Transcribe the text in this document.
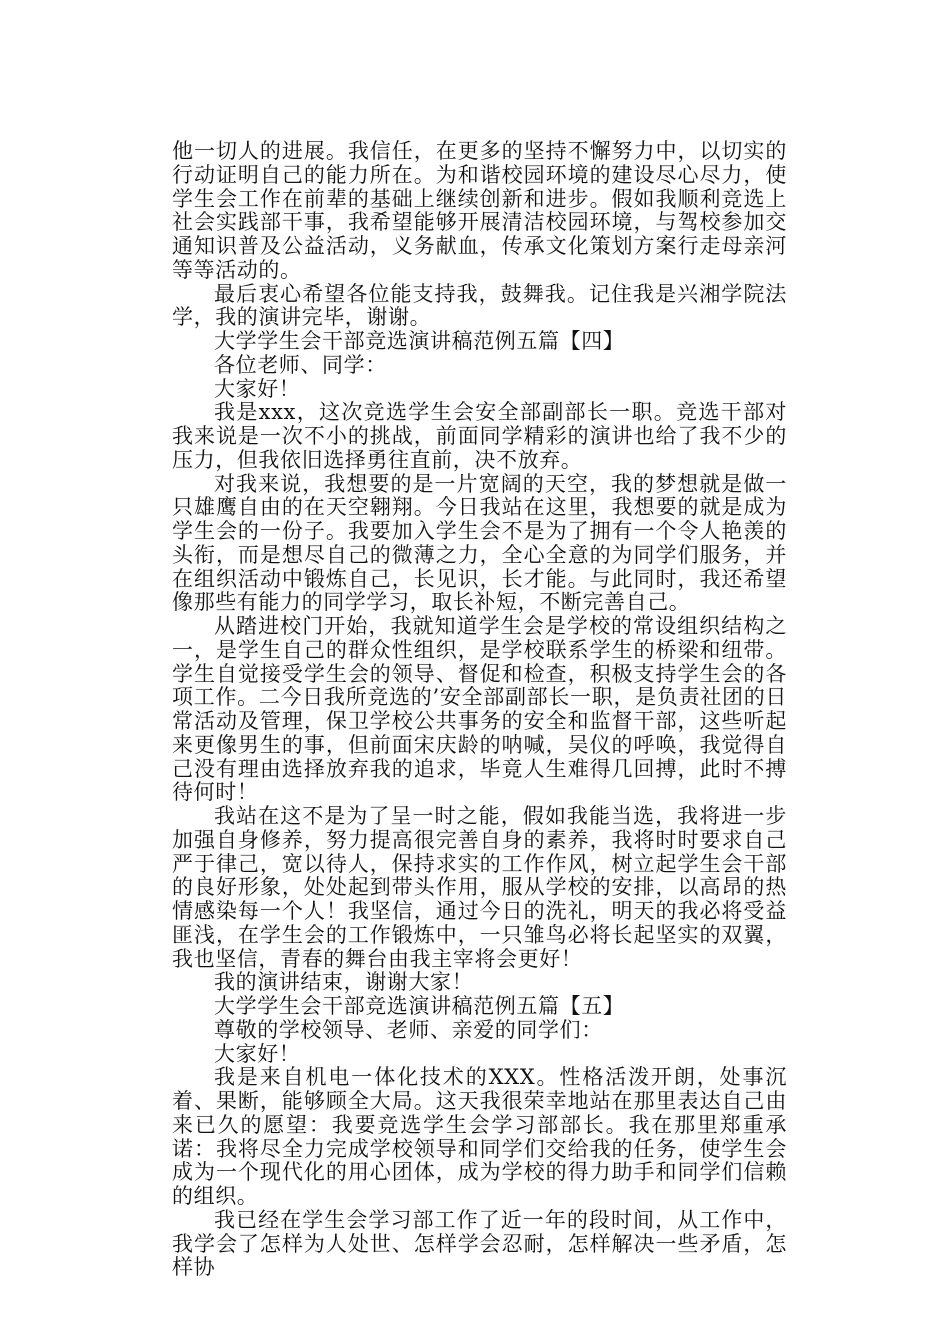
他一切人的进展。我信任，在更多的坚持不懈努力中，以切实的行动证明自己的能力所在。为和谐校园环境的建设尽心尽力，使学生会工作在前辈的基础上继续创新和进步。假如我顺利竞选上社会实践部干事，我希望能够开展清洁校园环境，与驾校参加交通知识普及公益活动，义务献血，传承文化策划方案行走母亲河等等活动的。

最后衷心希望各位能支持我，鼓舞我。记住我是兴湘学院法学，我的演讲完毕，谢谢。

大学学生会干部竞选演讲稿范例五篇【四】

各位老师、同学：

大家好！

我是xxx，这次竞选学生会安全部副部长一职。竞选干部对我来说是一次不小的挑战，前面同学精彩的演讲也给了我不少的压力，但我依旧选择勇往直前，决不放弃。

对我来说，我想要的是一片宽阔的天空，我的梦想就是做一只雄鹰自由的在天空翱翔。今日我站在这里，我想要的就是成为学生会的一份子。我要加入学生会不是为了拥有一个令人艳羡的头衔，而是想尽自己的微薄之力，全心全意的为同学们服务，并在组织活动中锻炼自己，长见识，长才能。与此同时，我还希望像那些有能力的同学学习，取长补短，不断完善自己。

从踏进校门开始，我就知道学生会是学校的常设组织结构之一，是学生自己的群众性组织，是学校联系学生的桥梁和纽带。学生自觉接受学生会的领导、督促和检查，积极支持学生会的各项工作。二今日我所竞选的’安全部副部长一职，是负责社团的日常活动及管理，保卫学校公共事务的安全和监督干部，这些听起来更像男生的事，但前面宋庆龄的呐喊，吴仪的呼唤，我觉得自己没有理由选择放弃我的追求，毕竟人生难得几回搏，此时不搏待何时！

我站在这不是为了呈一时之能，假如我能当选，我将进一步加强自身修养，努力提高很完善自身的素养，我将时时要求自己严于律己，宽以待人，保持求实的工作作风，树立起学生会干部的良好形象，处处起到带头作用，服从学校的安排，以高昂的热情感染每一个人！我坚信，通过今日的洗礼，明天的我必将受益匪浅，在学生会的工作锻炼中，一只雏鸟必将长起坚实的双翼，我也坚信，青春的舞台由我主宰将会更好！

我的演讲结束，谢谢大家！

大学学生会干部竞选演讲稿范例五篇【五】

尊敬的学校领导、老师、亲爱的同学们：

大家好！

我是来自机电一体化技术的XXX。性格活泼开朗，处事沉着、果断，能够顾全大局。这天我很荣幸地站在那里表达自己由来已久的愿望：我要竞选学生会学习部部长。我在那里郑重承诺：我将尽全力完成学校领导和同学们交给我的任务，使学生会成为一个现代化的用心团体，成为学校的得力助手和同学们信赖的组织。

我已经在学生会学习部工作了近一年的段时间，从工作中，我学会了怎样为人处世、怎样学会忍耐，怎样解决一些矛盾，怎样协
